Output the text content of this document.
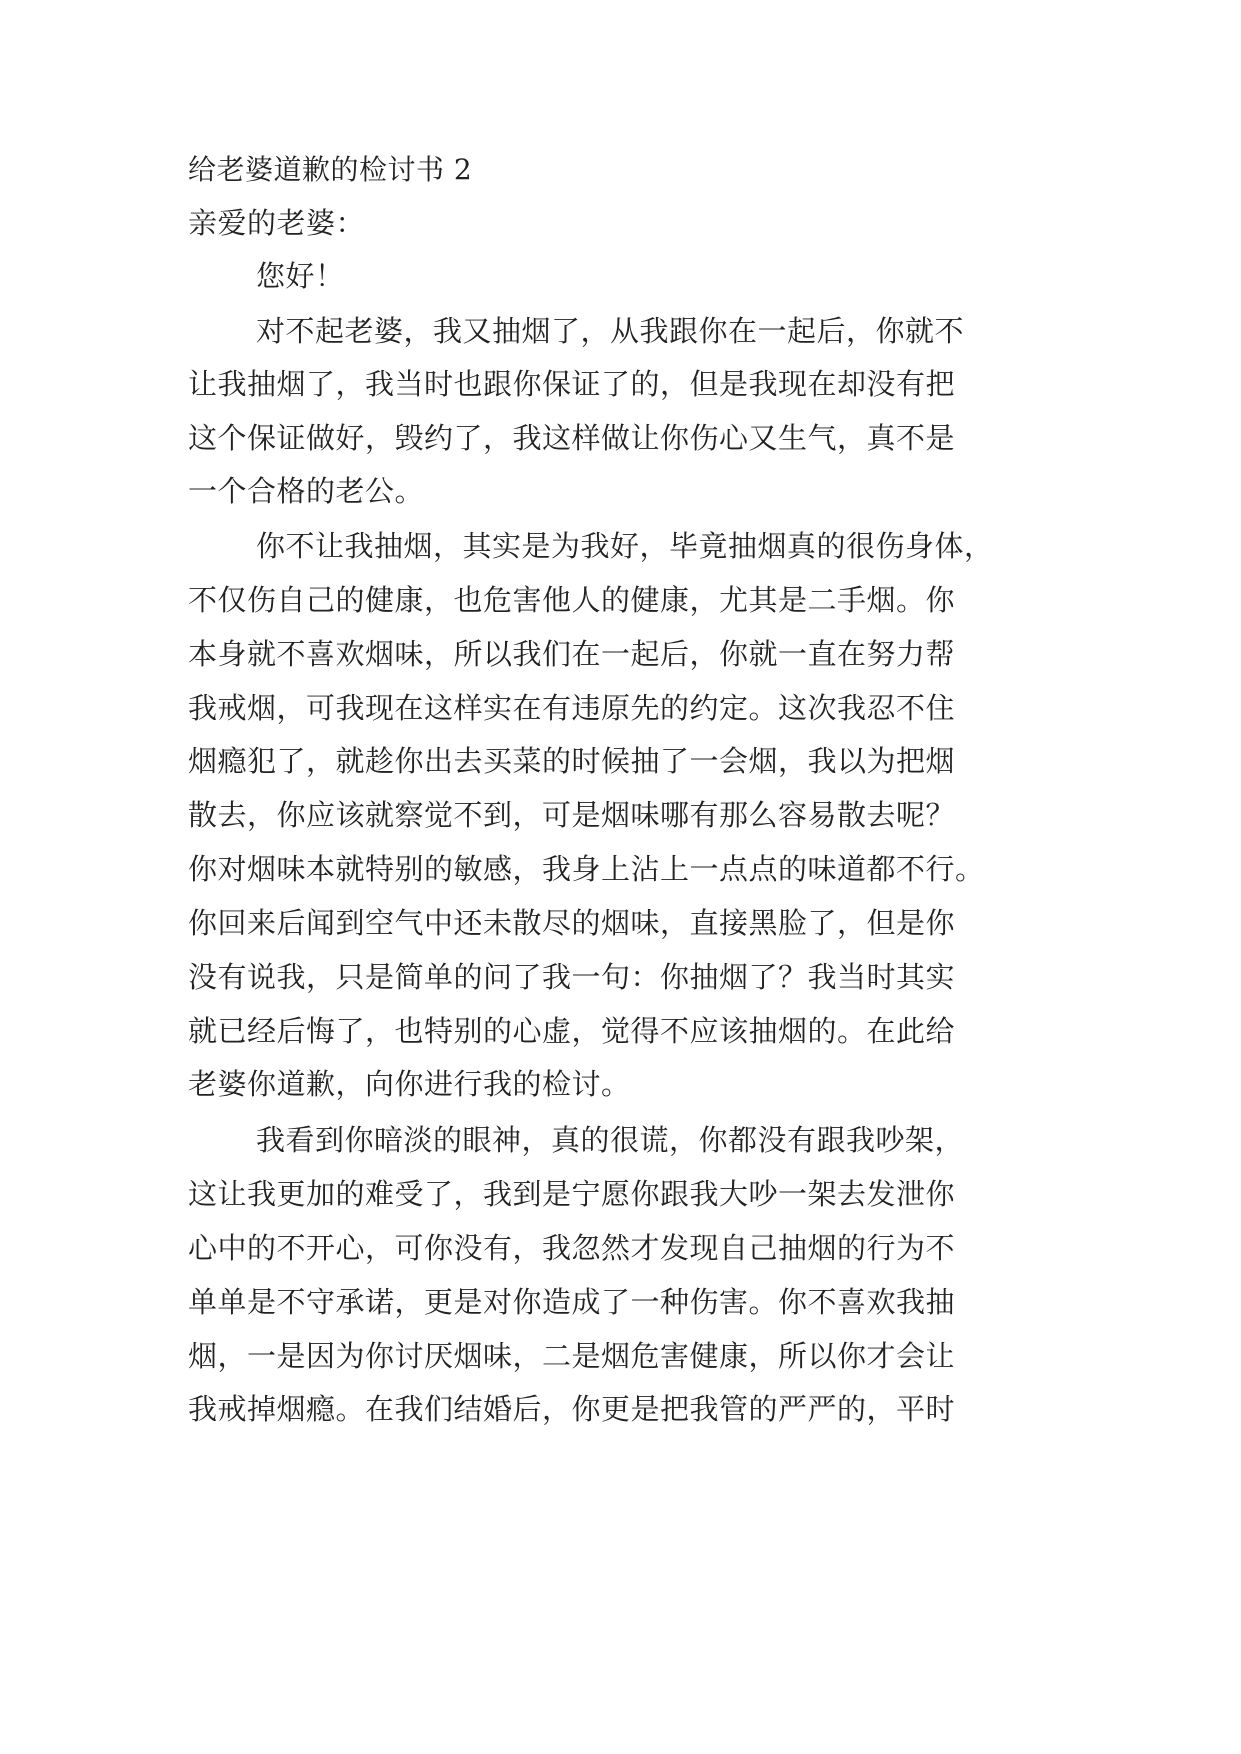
给老婆道歉的检讨书 2
亲爱的老婆：
您好！
对不起老婆，我又抽烟了，从我跟你在一起后，你就不
让我抽烟了，我当时也跟你保证了的，但是我现在却没有把
这个保证做好，毁约了，我这样做让你伤心又生气，真不是
一个合格的老公。
你不让我抽烟，其实是为我好，毕竟抽烟真的很伤身体，
不仅伤自己的健康，也危害他人的健康，尤其是二手烟。你
本身就不喜欢烟味，所以我们在一起后，你就一直在努力帮
我戒烟，可我现在这样实在有违原先的约定。这次我忍不住
烟瘾犯了，就趁你出去买菜的时候抽了一会烟，我以为把烟
散去，你应该就察觉不到，可是烟味哪有那么容易散去呢？
你对烟味本就特别的敏感，我身上沾上一点点的味道都不行。
你回来后闻到空气中还未散尽的烟味，直接黑脸了，但是你
没有说我，只是简单的问了我一句：你抽烟了？我当时其实
就已经后悔了，也特别的心虚，觉得不应该抽烟的。在此给
老婆你道歉，向你进行我的检讨。
我看到你暗淡的眼神，真的很谎，你都没有跟我吵架，
这让我更加的难受了，我到是宁愿你跟我大吵一架去发泄你
心中的不开心，可你没有，我忽然才发现自己抽烟的行为不
单单是不守承诺，更是对你造成了一种伤害。你不喜欢我抽
烟，一是因为你讨厌烟味，二是烟危害健康，所以你才会让
我戒掉烟瘾。在我们结婚后，你更是把我管的严严的，平时
